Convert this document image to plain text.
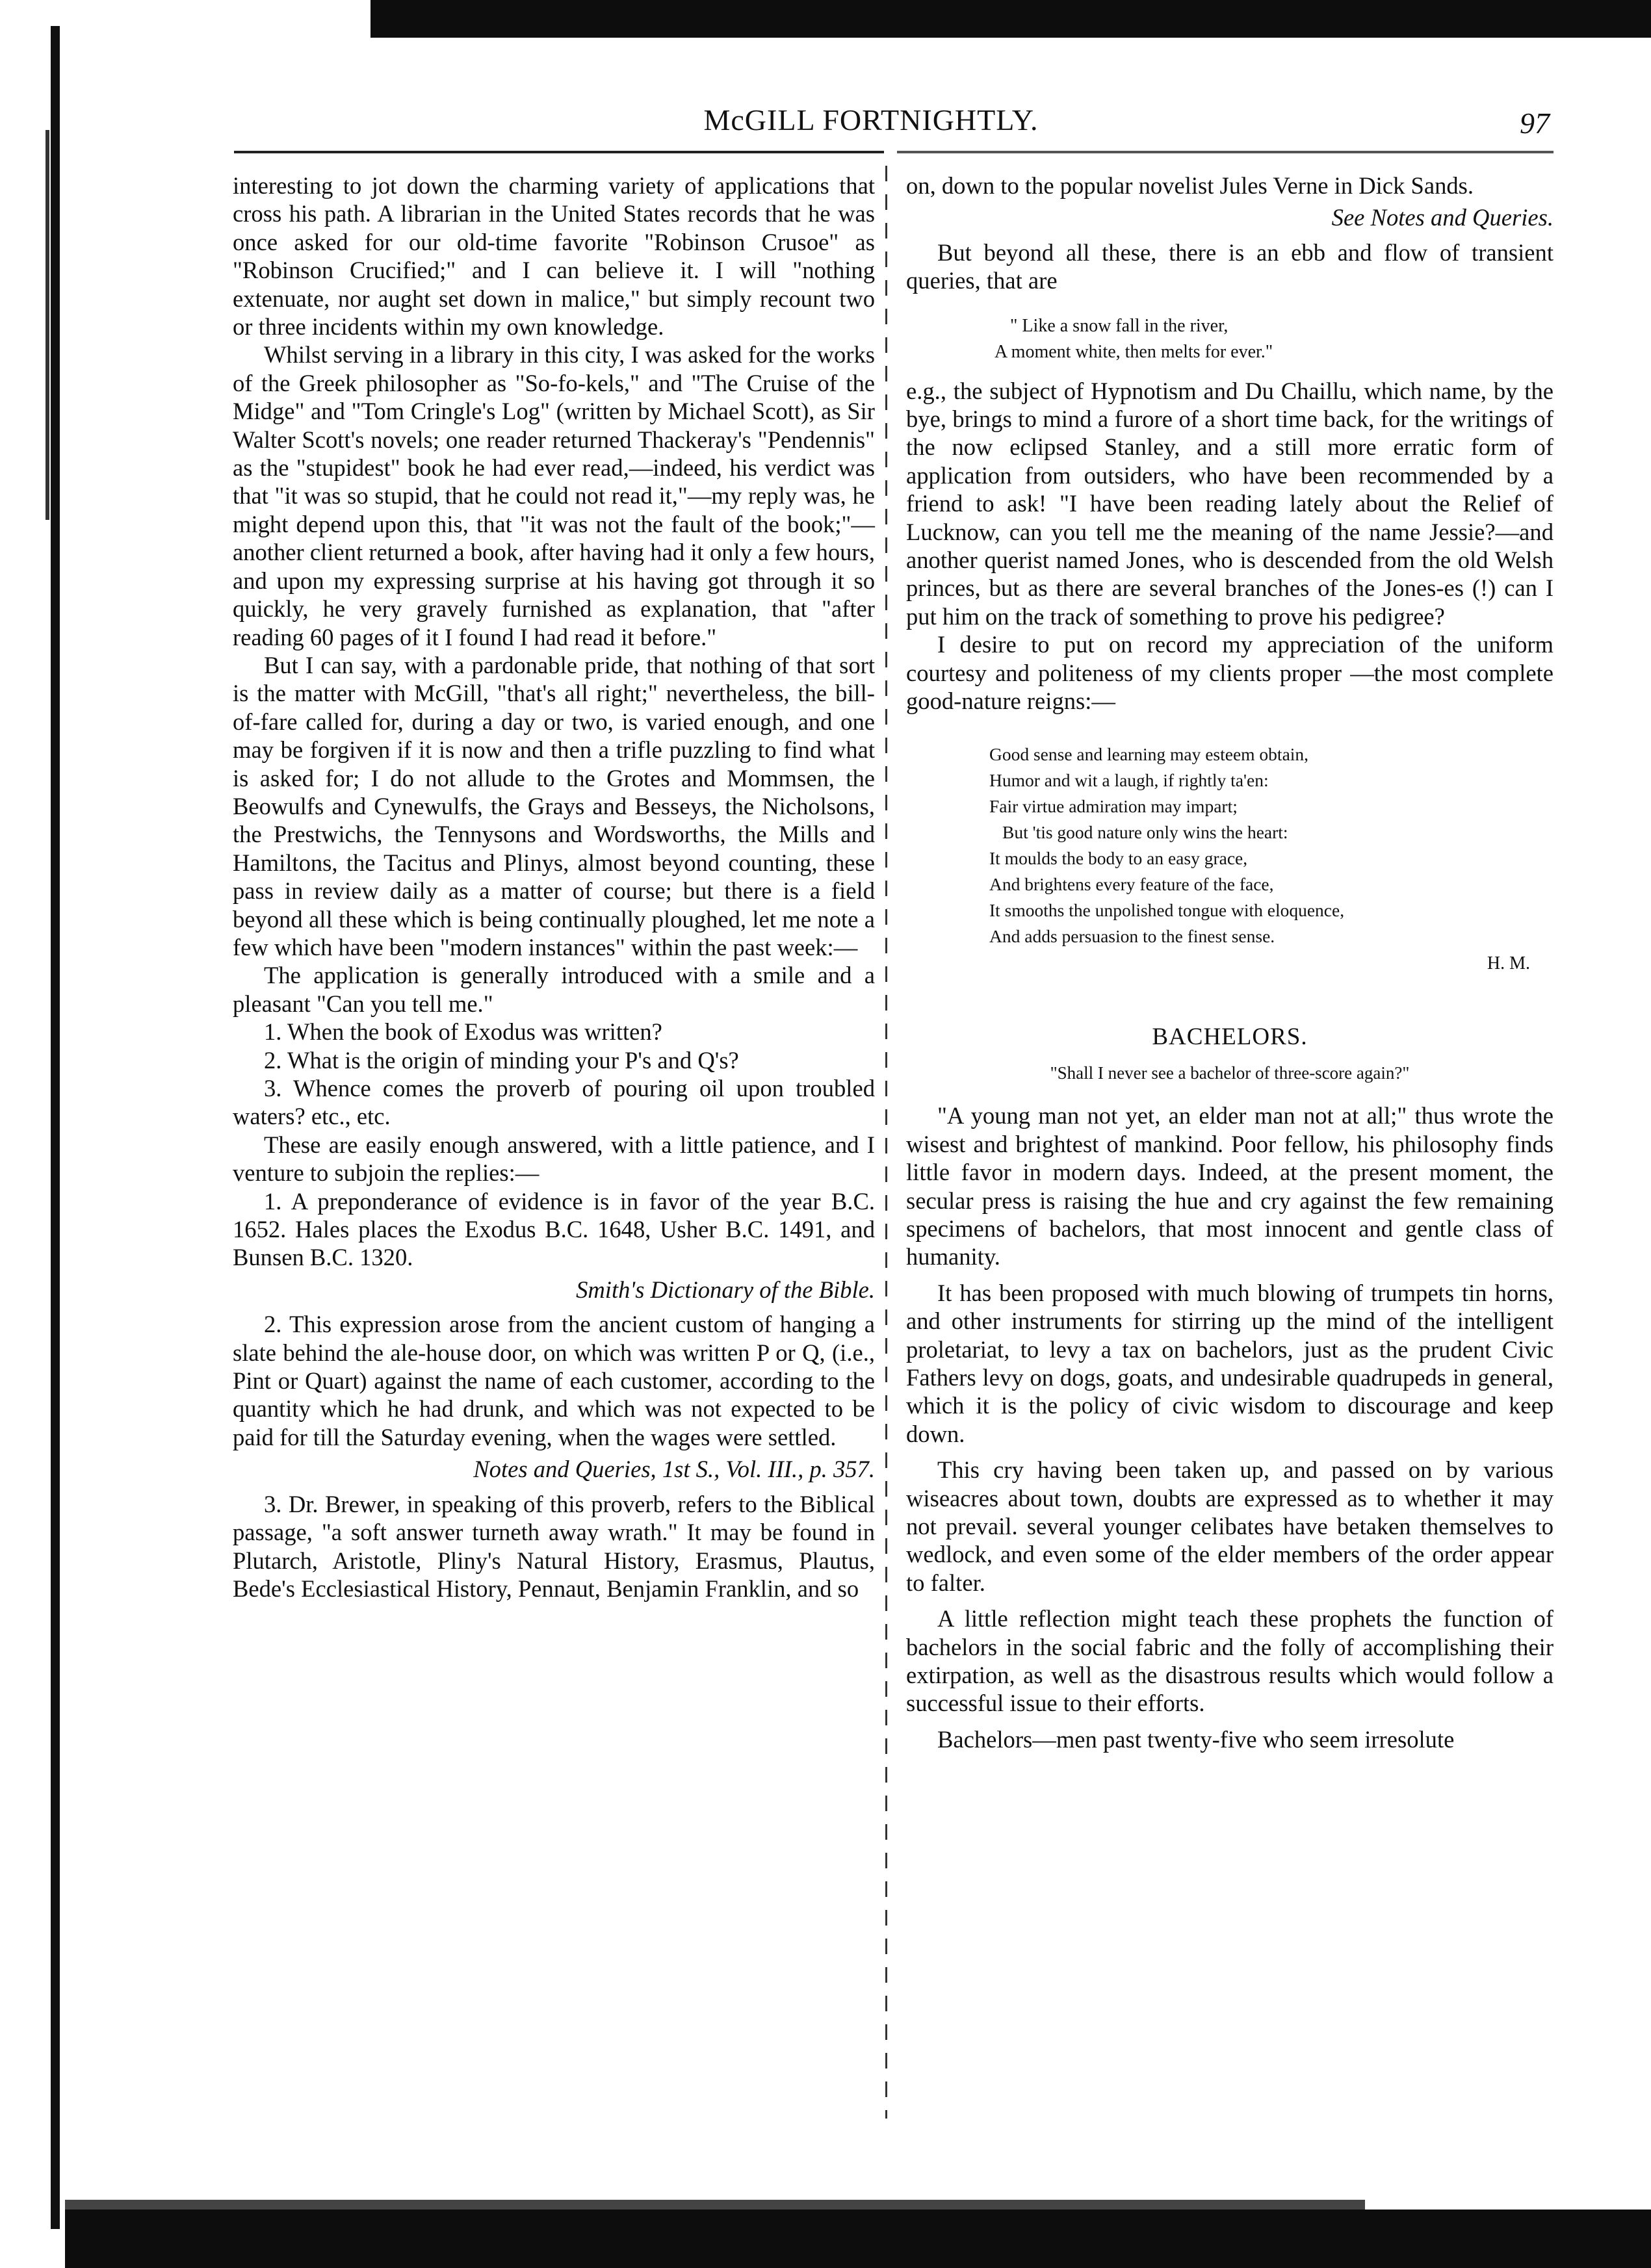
McGILL FORTNIGHTLY.	97

interesting to jot down the charming variety of applications that cross his path. A librarian in the United States records that he was once asked for our old-time favorite "Robinson Crusoe" as "Robinson Crucified;" and I can believe it. I will "nothing extenuate, nor aught set down in malice," but simply recount two or three incidents within my own knowledge.

Whilst serving in a library in this city, I was asked for the works of the Greek philosopher as "So-fo-kels," and "The Cruise of the Midge" and "Tom Cringle's Log" (written by Michael Scott), as Sir Walter Scott's novels; one reader returned Thackeray's "Pendennis" as the "stupidest" book he had ever read,—indeed, his verdict was that "it was so stupid, that he could not read it,"—my reply was, he might depend upon this, that "it was not the fault of the book;"—another client returned a book, after having had it only a few hours, and upon my expressing surprise at his having got through it so quickly, he very gravely furnished as explanation, that "after reading 60 pages of it I found I had read it before."

But I can say, with a pardonable pride, that nothing of that sort is the matter with McGill, "that's all right;" nevertheless, the bill-of-fare called for, during a day or two, is varied enough, and one may be forgiven if it is now and then a trifle puzzling to find what is asked for; I do not allude to the Grotes and Mommsen, the Beowulfs and Cynewulfs, the Grays and Besseys, the Nicholsons, the Prestwichs, the Tennysons and Wordsworths, the Mills and Hamiltons, the Tacitus and Plinys, almost beyond counting, these pass in review daily as a matter of course; but there is a field beyond all these which is being continually ploughed, let me note a few which have been "modern instances" within the past week:—

The application is generally introduced with a smile and a pleasant "Can you tell me."

1. When the book of Exodus was written?

2. What is the origin of minding your P's and Q's?

3. Whence comes the proverb of pouring oil upon troubled waters? etc., etc.

These are easily enough answered, with a little patience, and I venture to subjoin the replies:—

1. A preponderance of evidence is in favor of the year B.C. 1652. Hales places the Exodus B.C. 1648, Usher B.C. 1491, and Bunsen B.C. 1320.

Smith's Dictionary of the Bible.

2. This expression arose from the ancient custom of hanging a slate behind the ale-house door, on which was written P or Q, (i.e., Pint or Quart) against the name of each customer, according to the quantity which he had drunk, and which was not expected to be paid for till the Saturday evening, when the wages were settled.

Notes and Queries, 1st S., Vol. III., p. 357.

3. Dr. Brewer, in speaking of this proverb, refers to the Biblical passage, "a soft answer turneth away wrath." It may be found in Plutarch, Aristotle, Pliny's Natural History, Erasmus, Plautus, Bede's Ecclesiastical History, Pennaut, Benjamin Franklin, and so

on, down to the popular novelist Jules Verne in Dick Sands.

See Notes and Queries.

But beyond all these, there is an ebb and flow of transient queries, that are

" Like a snow fall in the river,
A moment white, then melts for ever."

e.g., the subject of Hypnotism and Du Chaillu, which name, by the bye, brings to mind a furore of a short time back, for the writings of the now eclipsed Stanley, and a still more erratic form of application from outsiders, who have been recommended by a friend to ask! "I have been reading lately about the Relief of Lucknow, can you tell me the meaning of the name Jessie?—and another querist named Jones, who is descended from the old Welsh princes, but as there are several branches of the Jones-es (!) can I put him on the track of something to prove his pedigree?

I desire to put on record my appreciation of the uniform courtesy and politeness of my clients proper —the most complete good-nature reigns:—

Good sense and learning may esteem obtain,
Humor and wit a laugh, if rightly ta'en:
Fair virtue admiration may impart;
But 'tis good nature only wins the heart:
It moulds the body to an easy grace,
And brightens every feature of the face,
It smooths the unpolished tongue with eloquence,
And adds persuasion to the finest sense.
H. M.
BACHELORS.
"Shall I never see a bachelor of three-score again?"

"A young man not yet, an elder man not at all;" thus wrote the wisest and brightest of mankind. Poor fellow, his philosophy finds little favor in modern days. Indeed, at the present moment, the secular press is raising the hue and cry against the few remaining specimens of bachelors, that most innocent and gentle class of humanity.

It has been proposed with much blowing of trumpets tin horns, and other instruments for stirring up the mind of the intelligent proletariat, to levy a tax on bachelors, just as the prudent Civic Fathers levy on dogs, goats, and undesirable quadrupeds in general, which it is the policy of civic wisdom to discourage and keep down.

This cry having been taken up, and passed on by various wiseacres about town, doubts are expressed as to whether it may not prevail. several younger celibates have betaken themselves to wedlock, and even some of the elder members of the order appear to falter.

A little reflection might teach these prophets the function of bachelors in the social fabric and the folly of accomplishing their extirpation, as well as the disastrous results which would follow a successful issue to their efforts.

Bachelors—men past twenty-five who seem irresolute
